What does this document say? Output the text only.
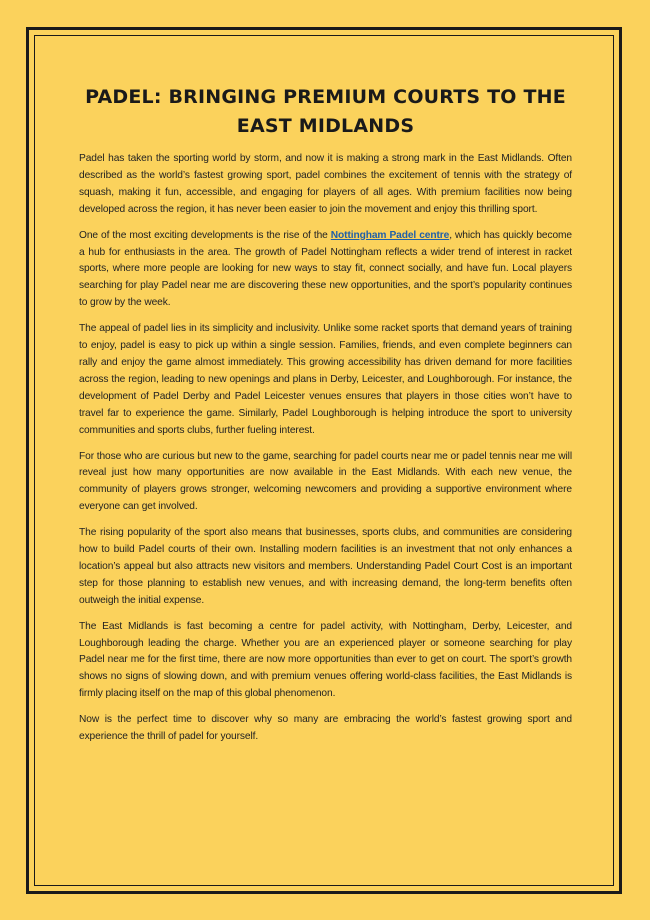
PADEL: BRINGING PREMIUM COURTS TO THE EAST MIDLANDS

Padel has taken the sporting world by storm, and now it is making a strong mark in the East Midlands. Often described as the world’s fastest growing sport, padel combines the excitement of tennis with the strategy of squash, making it fun, accessible, and engaging for players of all ages. With premium facilities now being developed across the region, it has never been easier to join the movement and enjoy this thrilling sport.

One of the most exciting developments is the rise of the Nottingham Padel centre, which has quickly become a hub for enthusiasts in the area. The growth of Padel Nottingham reflects a wider trend of interest in racket sports, where more people are looking for new ways to stay fit, connect socially, and have fun. Local players searching for play Padel near me are discovering these new opportunities, and the sport’s popularity continues to grow by the week.

The appeal of padel lies in its simplicity and inclusivity. Unlike some racket sports that demand years of training to enjoy, padel is easy to pick up within a single session. Families, friends, and even complete beginners can rally and enjoy the game almost immediately. This growing accessibility has driven demand for more facilities across the region, leading to new openings and plans in Derby, Leicester, and Loughborough. For instance, the development of Padel Derby and Padel Leicester venues ensures that players in those cities won’t have to travel far to experience the game. Similarly, Padel Loughborough is helping introduce the sport to university communities and sports clubs, further fueling interest.

For those who are curious but new to the game, searching for padel courts near me or padel tennis near me will reveal just how many opportunities are now available in the East Midlands. With each new venue, the community of players grows stronger, welcoming newcomers and providing a supportive environment where everyone can get involved.

The rising popularity of the sport also means that businesses, sports clubs, and communities are considering how to build Padel courts of their own. Installing modern facilities is an investment that not only enhances a location’s appeal but also attracts new visitors and members. Understanding Padel Court Cost is an important step for those planning to establish new venues, and with increasing demand, the long-term benefits often outweigh the initial expense.

The East Midlands is fast becoming a centre for padel activity, with Nottingham, Derby, Leicester, and Loughborough leading the charge. Whether you are an experienced player or someone searching for play Padel near me for the first time, there are now more opportunities than ever to get on court. The sport’s growth shows no signs of slowing down, and with premium venues offering world-class facilities, the East Midlands is firmly placing itself on the map of this global phenomenon.

Now is the perfect time to discover why so many are embracing the world’s fastest growing sport and experience the thrill of padel for yourself.
